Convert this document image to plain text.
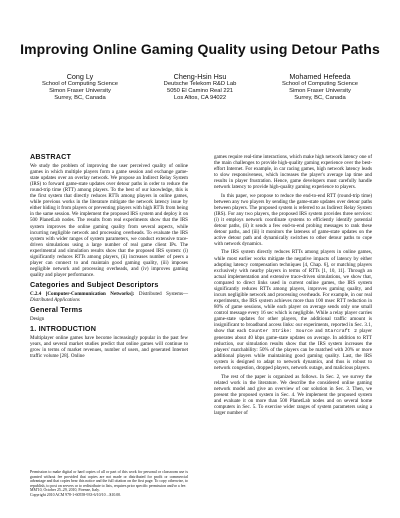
Improving Online Gaming Quality using Detour Paths
Cong Ly
School of Computing Science
Simon Fraser University
Surrey, BC, Canada
Cheng-Hsin Hsu
Deutsche Telekom R&D Lab
5050 El Camino Real 221
Los Altos, CA 94022
Mohamed Hefeeda
School of Computing Science
Simon Fraser University
Surrey, BC, Canada
ABSTRACT

We study the problem of improving the user perceived quality of online games in which multiple players form a game session and exchange game-state updates over an overlay network. We propose an Indirect Relay System (IRS) to forward game-state updates over detour paths in order to reduce the round-trip time (RTT) among players. To the best of our knowledge, this is the first system that directly reduces RTTs among players in online games, while previous works in the literature mitigate the network latency issue by either hiding it from players or preventing players with high RTTs from being in the same session. We implement the proposed IRS system and deploy it on 500 PlanetLab nodes. The results from real experiments show that the IRS system improves the online gaming quality from several aspects, while incurring negligible network and processing overheads. To evaluate the IRS system with wider ranges of system parameters, we conduct extensive trace-driven simulations using a large number of real game client IPs. The experimental and simulation results show that the proposed IRS system: (i) significantly reduces RTTs among players, (ii) increases number of peers a player can connect to and maintain good gaming quality, (iii) imposes negligible network and processing overheads, and (iv) improves gaming quality and player performance.

Categories and Subject Descriptors

C.2.4 [Computer-Communication Networks]: Distributed Systems—Distributed Applications

General Terms

Design

1. INTRODUCTION

Multiplayer online games have become increasingly popular in the past few years, and several market studies predict that online games will continue to grow in terms of market revenues, number of users, and generated Internet traffic volume [28]. Online

Permission to make digital or hard copies of all or part of this work for personal or classroom use is granted without fee provided that copies are not made or distributed for profit or commercial advantage and that copies bear this notice and the full citation on the first page. To copy otherwise, to republish, to post on servers or to redistribute to lists, requires prior specific permission and/or a fee.
MM'10, October 25–29, 2010, Firenze, Italy.
Copyright 2010 ACM 978-1-60558-933-6/10/10 ...$10.00.

games require real-time interactions, which make high network latency one of the main challenges to provide high-quality gaming experience over the best-effort Internet. For example, in car racing games, high network latency leads to slow responsiveness, which increases the player's average lap time and results in player frustration. Hence, game developers must carefully handle network latency to provide high-quality gaming experience to players.

In this paper, we propose to reduce the end-to-end RTT (round-trip time) between any two players by sending the game-state updates over detour paths between players. The proposed system is referred to as Indirect Relay System (IRS). For any two players, the proposed IRS system provides three services: (i) it employs network coordinate systems to efficiently identify potential detour paths, (ii) it sends a few end-to-end probing messages to rank these detour paths, and (iii) it monitors the lateness of game-state updates on the active detour path and dynamically switches to other detour paths to cope with network dynamics.

The IRS system directly reduces RTTs among players in online games, while most earlier works mitigate the negative impacts of latency by either adopting latency compensation techniques [4, Chap. 6], or matching players exclusively with nearby players in terms of RTTs [1, 10, 11]. Through an actual implementation and extensive trace-driven simulations, we show that, compared to direct links used in current online games, the IRS system significantly reduces RTTs among players, improves gaming quality, and incurs negligible network and processing overheads. For example, in our real experiments, the IRS system achieves more than 100 msec RTT reduction in 80% of game sessions, while each player on average sends only one small control message every 16 sec which is negligible. While a relay player carries game-state updates for other players, the additional traffic amount is insignificant to broadband access links: our experiments, reported in Sec. 3.1, show that each Counter Strike: Source and Starcraft 2 player generates about 40 kbps game-state updates on average. In addition to RTT reduction, our simulation results show that the IRS system increases the players' matchability: 50% of the players can be matched with 20% or more additional players while maintaining good gaming quality. Last, the IRS system is designed to adapt to network dynamics, and thus is robust to network congestion, dropped players, network outage, and malicious players.

The rest of the paper is organized as follows. In Sec. 2, we survey the related work in the literature. We describe the considered online gaming network model and give an overview of our solution in Sec. 3. Then, we present the proposed system in Sec. 4. We implement the proposed system and evaluate it on more than 500 PlanetLab nodes and on several home computers in Sec. 5. To exercise wider ranges of system parameters using a larger number of
